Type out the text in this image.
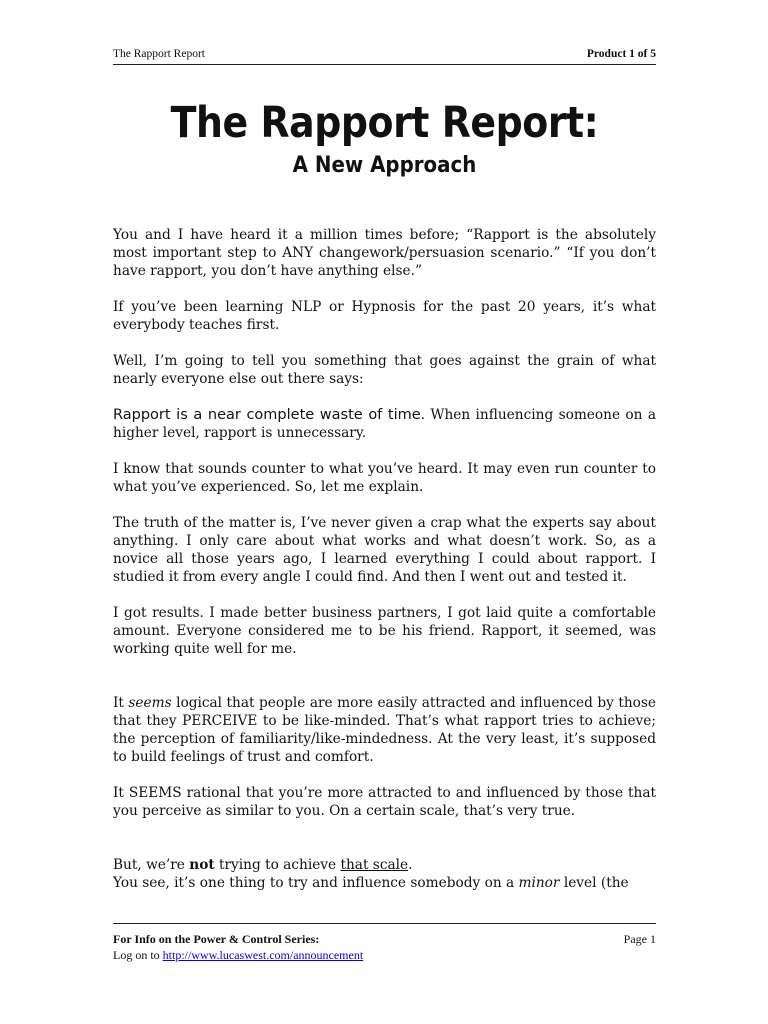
The Rapport Report	Product 1 of 5
The Rapport Report:
A New Approach

You and I have heard it a million times before; “Rapport is the absolutely most important step to ANY changework/persuasion scenario.” “If you don’t have rapport, you don’t have anything else.”

If you’ve been learning NLP or Hypnosis for the past 20 years, it’s what everybody teaches first.

Well, I’m going to tell you something that goes against the grain of what nearly everyone else out there says:

Rapport is a near complete waste of time. When influencing someone on a higher level, rapport is unnecessary.

I know that sounds counter to what you’ve heard. It may even run counter to what you’ve experienced. So, let me explain.

The truth of the matter is, I’ve never given a crap what the experts say about anything. I only care about what works and what doesn’t work. So, as a novice all those years ago, I learned everything I could about rapport. I studied it from every angle I could find. And then I went out and tested it.

I got results. I made better business partners, I got laid quite a comfortable amount. Everyone considered me to be his friend. Rapport, it seemed, was working quite well for me.

It seems logical that people are more easily attracted and influenced by those that they PERCEIVE to be like-minded. That’s what rapport tries to achieve; the perception of familiarity/like-mindedness. At the very least, it’s supposed to build feelings of trust and comfort.

It SEEMS rational that you’re more attracted to and influenced by those that you perceive as similar to you. On a certain scale, that’s very true.

But, we’re not trying to achieve that scale.

You see, it’s one thing to try and influence somebody on a minor level (the

For Info on the Power & Control Series:	Page 1
Log on to http://www.lucaswest.com/announcement
